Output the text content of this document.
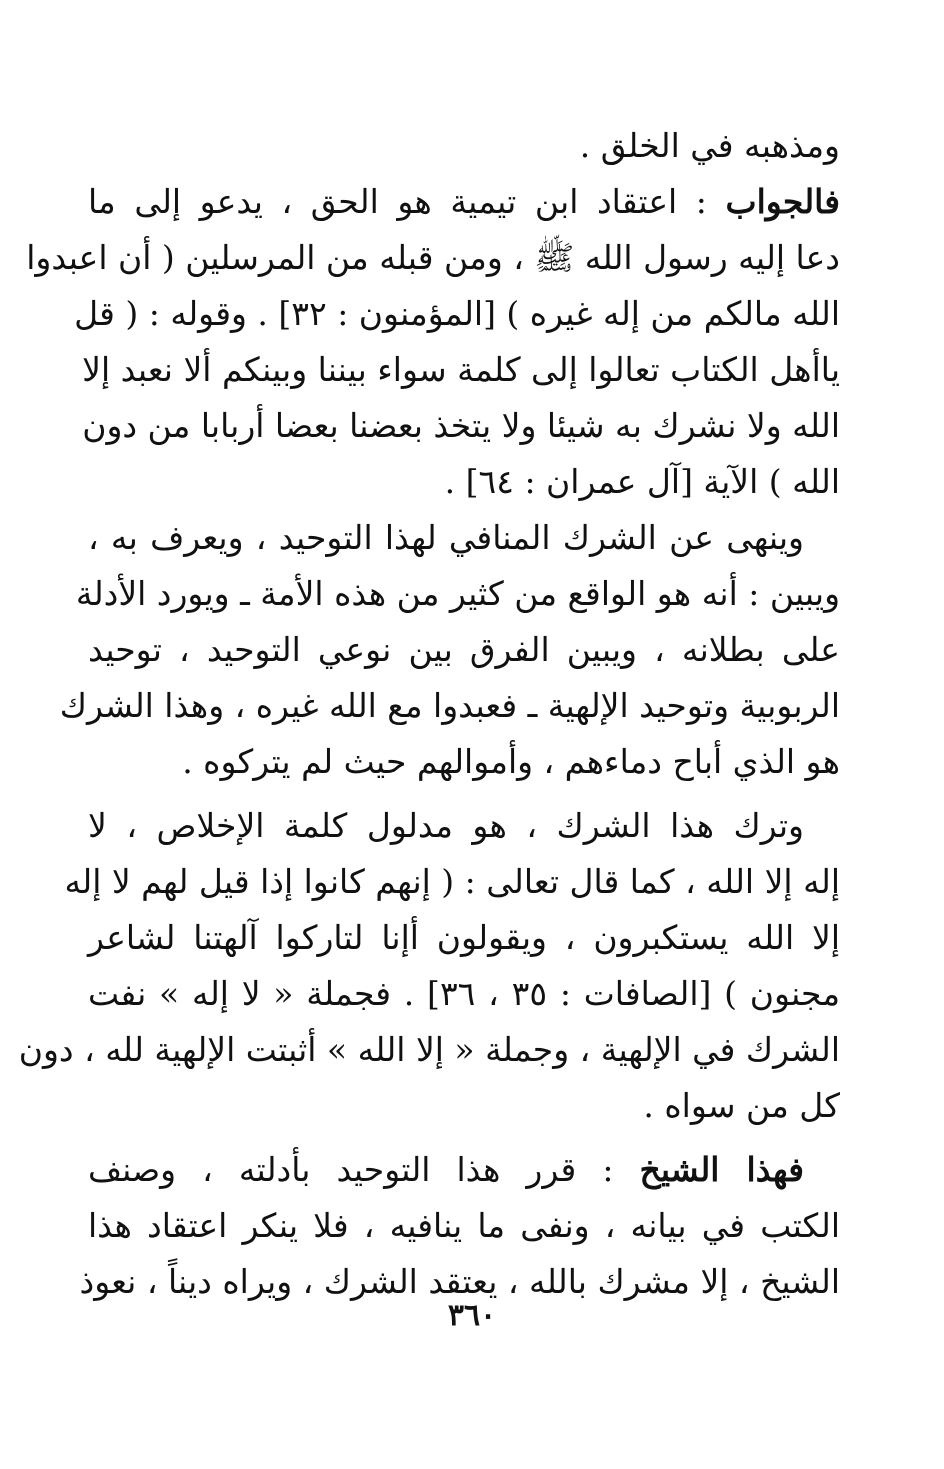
ومذهبه في الخلق .
فالجواب : اعتقاد ابن تيمية هو الحق ، يدعو إلى ما
دعا إليه رسول الله ﷺ ، ومن قبله من المرسلين ( أن اعبدوا
الله مالكم من إله غيره ) [المؤمنون : ٣٢] . وقوله : ( قل
ياأهل الكتاب تعالوا إلى كلمة سواء بيننا وبينكم ألا نعبد إلا
الله ولا نشرك به شيئا ولا يتخذ بعضنا بعضا أربابا من دون
الله ) الآية [آل عمران : ٦٤] .
وينهى عن الشرك المنافي لهذا التوحيد ، ويعرف به ،
ويبين : أنه هو الواقع من كثير من هذه الأمة ـ ويورد الأدلة
على بطلانه ، ويبين الفرق بين نوعي التوحيد ، توحيد
الربوبية وتوحيد الإلهية ـ فعبدوا مع الله غيره ، وهذا الشرك
هو الذي أباح دماءهم ، وأموالهم حيث لم يتركوه .
وترك هذا الشرك ، هو مدلول كلمة الإخلاص ، لا
إله إلا الله ، كما قال تعالى : ( إنهم كانوا إذا قيل لهم لا إله
إلا الله يستكبرون ، ويقولون أإنا لتاركوا آلهتنا لشاعر
مجنون ) [الصافات : ٣٥ ، ٣٦] . فجملة « لا إله » نفت
الشرك في الإلهية ، وجملة « إلا الله » أثبتت الإلهية لله ، دون
كل من سواه .
فهذا الشيخ : قرر هذا التوحيد بأدلته ، وصنف
الكتب في بيانه ، ونفى ما ينافيه ، فلا ينكر اعتقاد هذا
الشيخ ، إلا مشرك بالله ، يعتقد الشرك ، ويراه ديناً ، نعوذ
٣٦٠
